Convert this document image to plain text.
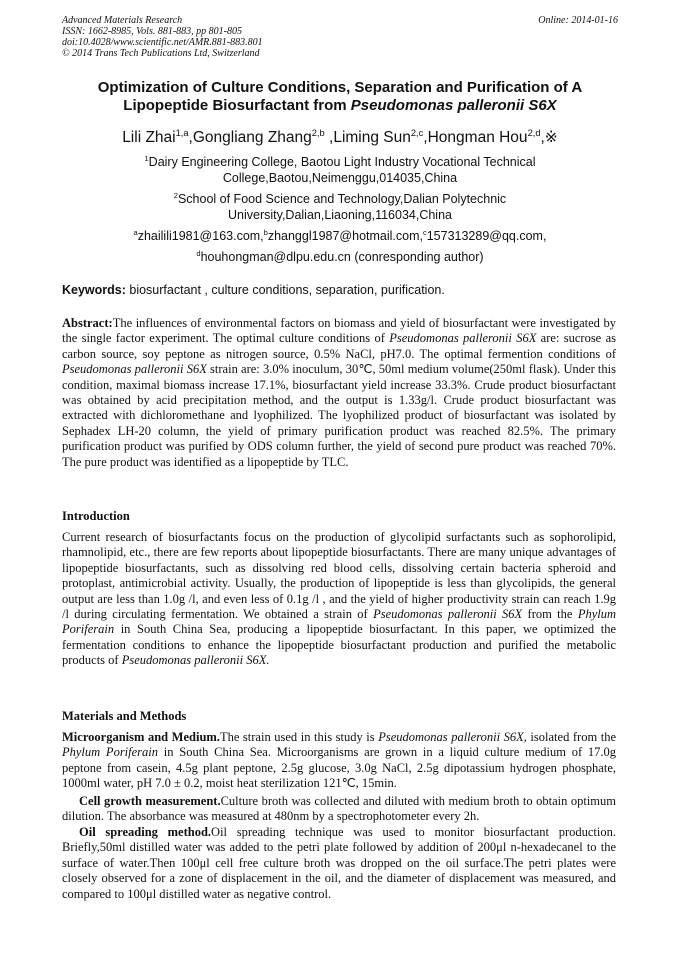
Advanced Materials Research
ISSN: 1662-8985, Vols. 881-883, pp 801-805
doi:10.4028/www.scientific.net/AMR.881-883.801
© 2014 Trans Tech Publications Ltd, Switzerland
Online: 2014-01-16
Optimization of Culture Conditions, Separation and Purification of A
Lipopeptide Biosurfactant from Pseudomonas palleronii S6X
Lili Zhai$^{1,a}$,Gongliang Zhang$^{2,b}$ ,Liming Sun$^{2,c}$,Hongman Hou$^{2,d}$,※
$^1$Dairy Engineering College, Baotou Light Industry Vocational Technical
College,Baotou,Neimenggu,014035,China
$^2$School of Food Science and Technology,Dalian Polytechnic
University,Dalian,Liaoning,116034,China
$^a$zhailili1981@163.com,$^b$zhanggl1987@hotmail.com,$^c$157313289@qq.com,
$^d$houhongman@dlpu.edu.cn (conresponding author)
Keywords: biosurfactant , culture conditions, separation, purification.
Abstract:The influences of environmental factors on biomass and yield of biosurfactant were investigated by the single factor experiment. The optimal culture conditions of Pseudomonas palleronii S6X are: sucrose as carbon source, soy peptone as nitrogen source, 0.5% NaCl, pH7.0. The optimal fermention conditions of Pseudomonas palleronii S6X strain are: 3.0% inoculum, 30℃, 50ml medium volume(250ml flask). Under this condition, maximal biomass increase 17.1%, biosurfactant yield increase 33.3%. Crude product biosurfactant was obtained by acid precipitation method, and the output is 1.33g/l. Crude product biosurfactant was extracted with dichloromethane and lyophilized. The lyophilized product of biosurfactant was isolated by Sephadex LH-20 column, the yield of primary purification product was reached 82.5%. The primary purification product was purified by ODS column further, the yield of second pure product was reached 70%. The pure product was identified as a lipopeptide by TLC.
Introduction
Current research of biosurfactants focus on the production of glycolipid surfactants such as sophorolipid, rhamnolipid, etc., there are few reports about lipopeptide biosurfactants. There are many unique advantages of lipopeptide biosurfactants, such as dissolving red blood cells, dissolving certain bacteria spheroid and protoplast, antimicrobial activity. Usually, the production of lipopeptide is less than glycolipids, the general output are less than 1.0g /l, and even less of 0.1g /l , and the yield of higher productivity strain can reach 1.9g /l during circulating fermentation. We obtained a strain of Pseudomonas palleronii S6X from the Phylum Poriferain in South China Sea, producing a lipopeptide biosurfactant. In this paper, we optimized the fermentation conditions to enhance the lipopeptide biosurfactant production and purified the metabolic products of Pseudomonas palleronii S6X.
Materials and Methods
Microorganism and Medium.The strain used in this study is Pseudomonas palleronii S6X, isolated from the Phylum Poriferain in South China Sea. Microorganisms are grown in a liquid culture medium of 17.0g peptone from casein, 4.5g plant peptone, 2.5g glucose, 3.0g NaCl, 2.5g dipotassium hydrogen phosphate, 1000ml water, pH 7.0 ± 0.2, moist heat sterilization 121℃, 15min.
Cell growth measurement.Culture broth was collected and diluted with medium broth to obtain optimum dilution. The absorbance was measured at 480nm by a spectrophotometer every 2h.
Oil spreading method.Oil spreading technique was used to monitor biosurfactant production. Briefly,50ml distilled water was added to the petri plate followed by addition of 200μl n-hexadecanel to the surface of water.Then 100μl cell free culture broth was dropped on the oil surface.The petri plates were closely observed for a zone of displacement in the oil, and the diameter of displacement was measured, and compared to 100μl distilled water as negative control.
